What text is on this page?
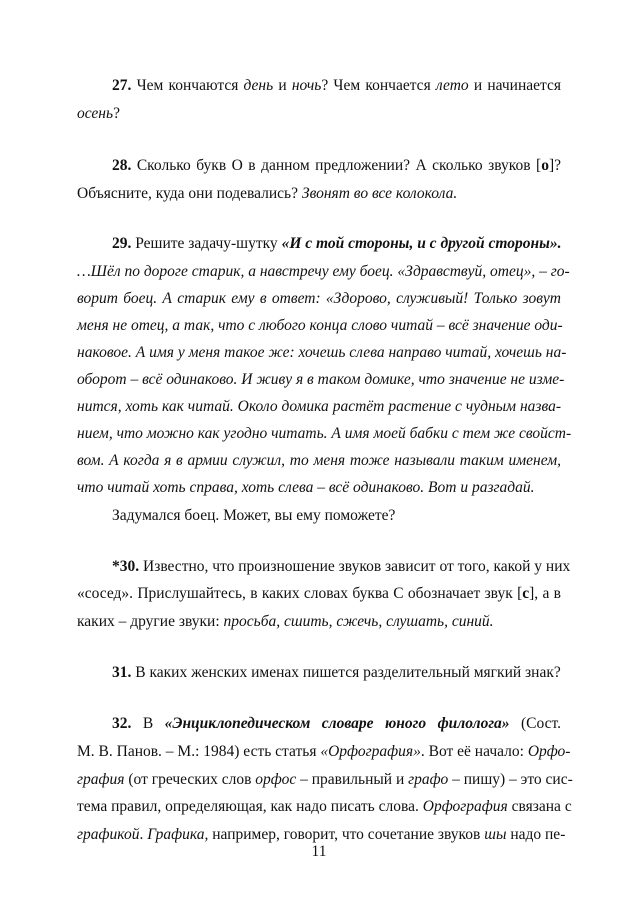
27. Чем кончаются день и ночь? Чем кончается лето и начинается
осень?
28. Сколько букв О в данном предложении? А сколько звуков [о]?
Объясните, куда они подевались? Звонят во все колокола.
29. Решите задачу-шутку «И с той стороны, и с другой стороны».
…Шёл по дороге старик, а навстречу ему боец. «Здравствуй, отец», – го-
ворит боец. А старик ему в ответ: «Здорово, служивый! Только зовут
меня не отец, а так, что с любого конца слово читай – всё значение оди-
наковое. А имя у меня такое же: хочешь слева направо читай, хочешь на-
оборот – всё одинаково. И живу я в таком домике, что значение не изме-
нится, хоть как читай. Около домика растёт растение с чудным назва-
нием, что можно как угодно читать. А имя моей бабки с тем же свойст-
вом. А когда я в армии служил, то меня тоже называли таким именем,
что читай хоть справа, хоть слева – всё одинаково. Вот и разгадай.
Задумался боец. Может, вы ему поможете?
*30. Известно, что произношение звуков зависит от того, какой у них
«сосед». Прислушайтесь, в каких словах буква С обозначает звук [с], а в
каких – другие звуки: просьба, сшить, сжечь, слушать, синий.
31. В каких женских именах пишется разделительный мягкий знак?
32. В «Энциклопедическом словаре юного филолога» (Сост.
М. В. Панов. – М.: 1984) есть статья «Орфография». Вот её начало: Орфо-
графия (от греческих слов орфос – правильный и графо – пишу) – это сис-
тема правил, определяющая, как надо писать слова. Орфография связана с
графикой. Графика, например, говорит, что сочетание звуков шы надо пе-
11
